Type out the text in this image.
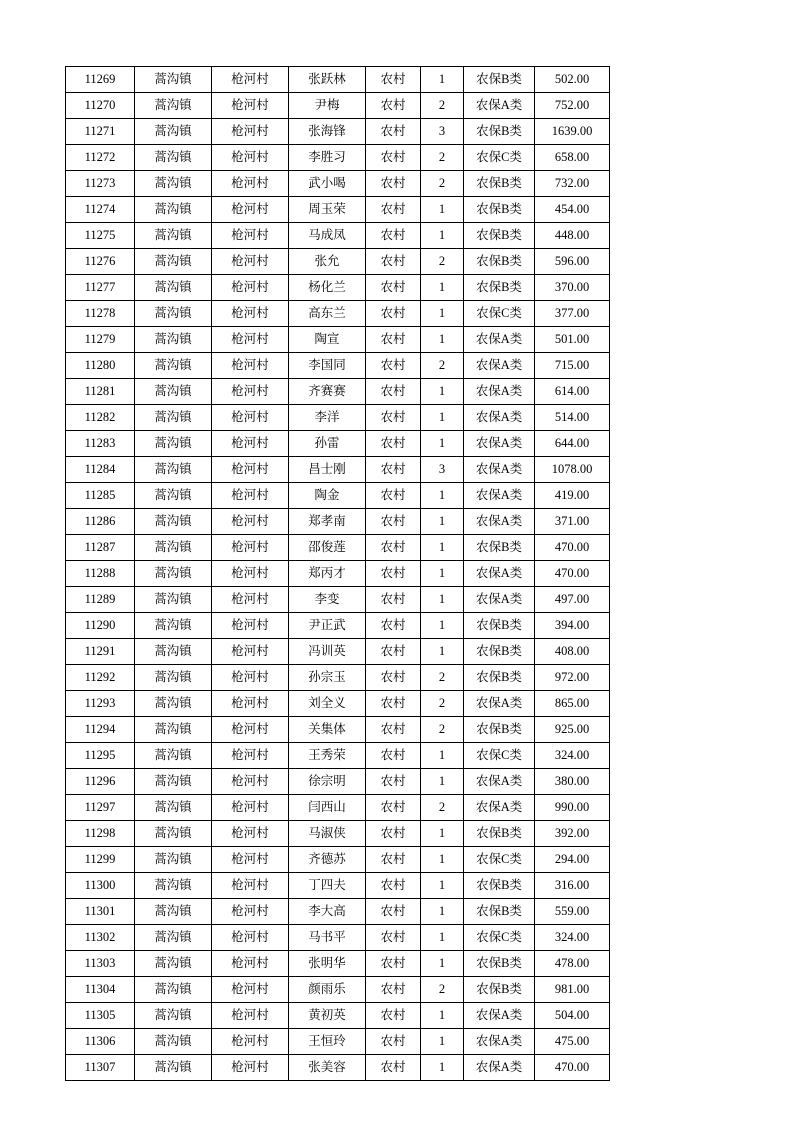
11269	蒿沟镇	枪河村	张跃林	农村	1	农保B类	502.00
11270	蒿沟镇	枪河村	尹梅	农村	2	农保A类	752.00
11271	蒿沟镇	枪河村	张海锋	农村	3	农保B类	1639.00
11272	蒿沟镇	枪河村	李胜习	农村	2	农保C类	658.00
11273	蒿沟镇	枪河村	武小喝	农村	2	农保B类	732.00
11274	蒿沟镇	枪河村	周玉荣	农村	1	农保B类	454.00
11275	蒿沟镇	枪河村	马成凤	农村	1	农保B类	448.00
11276	蒿沟镇	枪河村	张允	农村	2	农保B类	596.00
11277	蒿沟镇	枪河村	杨化兰	农村	1	农保B类	370.00
11278	蒿沟镇	枪河村	高东兰	农村	1	农保C类	377.00
11279	蒿沟镇	枪河村	陶宣	农村	1	农保A类	501.00
11280	蒿沟镇	枪河村	李国同	农村	2	农保A类	715.00
11281	蒿沟镇	枪河村	齐赛赛	农村	1	农保A类	614.00
11282	蒿沟镇	枪河村	李洋	农村	1	农保A类	514.00
11283	蒿沟镇	枪河村	孙雷	农村	1	农保A类	644.00
11284	蒿沟镇	枪河村	昌士刚	农村	3	农保A类	1078.00
11285	蒿沟镇	枪河村	陶金	农村	1	农保A类	419.00
11286	蒿沟镇	枪河村	郑孝南	农村	1	农保A类	371.00
11287	蒿沟镇	枪河村	邵俊莲	农村	1	农保B类	470.00
11288	蒿沟镇	枪河村	郑丙才	农村	1	农保A类	470.00
11289	蒿沟镇	枪河村	李变	农村	1	农保A类	497.00
11290	蒿沟镇	枪河村	尹正武	农村	1	农保B类	394.00
11291	蒿沟镇	枪河村	冯训英	农村	1	农保B类	408.00
11292	蒿沟镇	枪河村	孙宗玉	农村	2	农保B类	972.00
11293	蒿沟镇	枪河村	刘全义	农村	2	农保A类	865.00
11294	蒿沟镇	枪河村	关集体	农村	2	农保B类	925.00
11295	蒿沟镇	枪河村	王秀荣	农村	1	农保C类	324.00
11296	蒿沟镇	枪河村	徐宗明	农村	1	农保A类	380.00
11297	蒿沟镇	枪河村	闫西山	农村	2	农保A类	990.00
11298	蒿沟镇	枪河村	马淑侠	农村	1	农保B类	392.00
11299	蒿沟镇	枪河村	齐德苏	农村	1	农保C类	294.00
11300	蒿沟镇	枪河村	丁四夫	农村	1	农保B类	316.00
11301	蒿沟镇	枪河村	李大高	农村	1	农保B类	559.00
11302	蒿沟镇	枪河村	马书平	农村	1	农保C类	324.00
11303	蒿沟镇	枪河村	张明华	农村	1	农保B类	478.00
11304	蒿沟镇	枪河村	颜雨乐	农村	2	农保B类	981.00
11305	蒿沟镇	枪河村	黄初英	农村	1	农保A类	504.00
11306	蒿沟镇	枪河村	王恒玲	农村	1	农保A类	475.00
11307	蒿沟镇	枪河村	张美容	农村	1	农保A类	470.00
